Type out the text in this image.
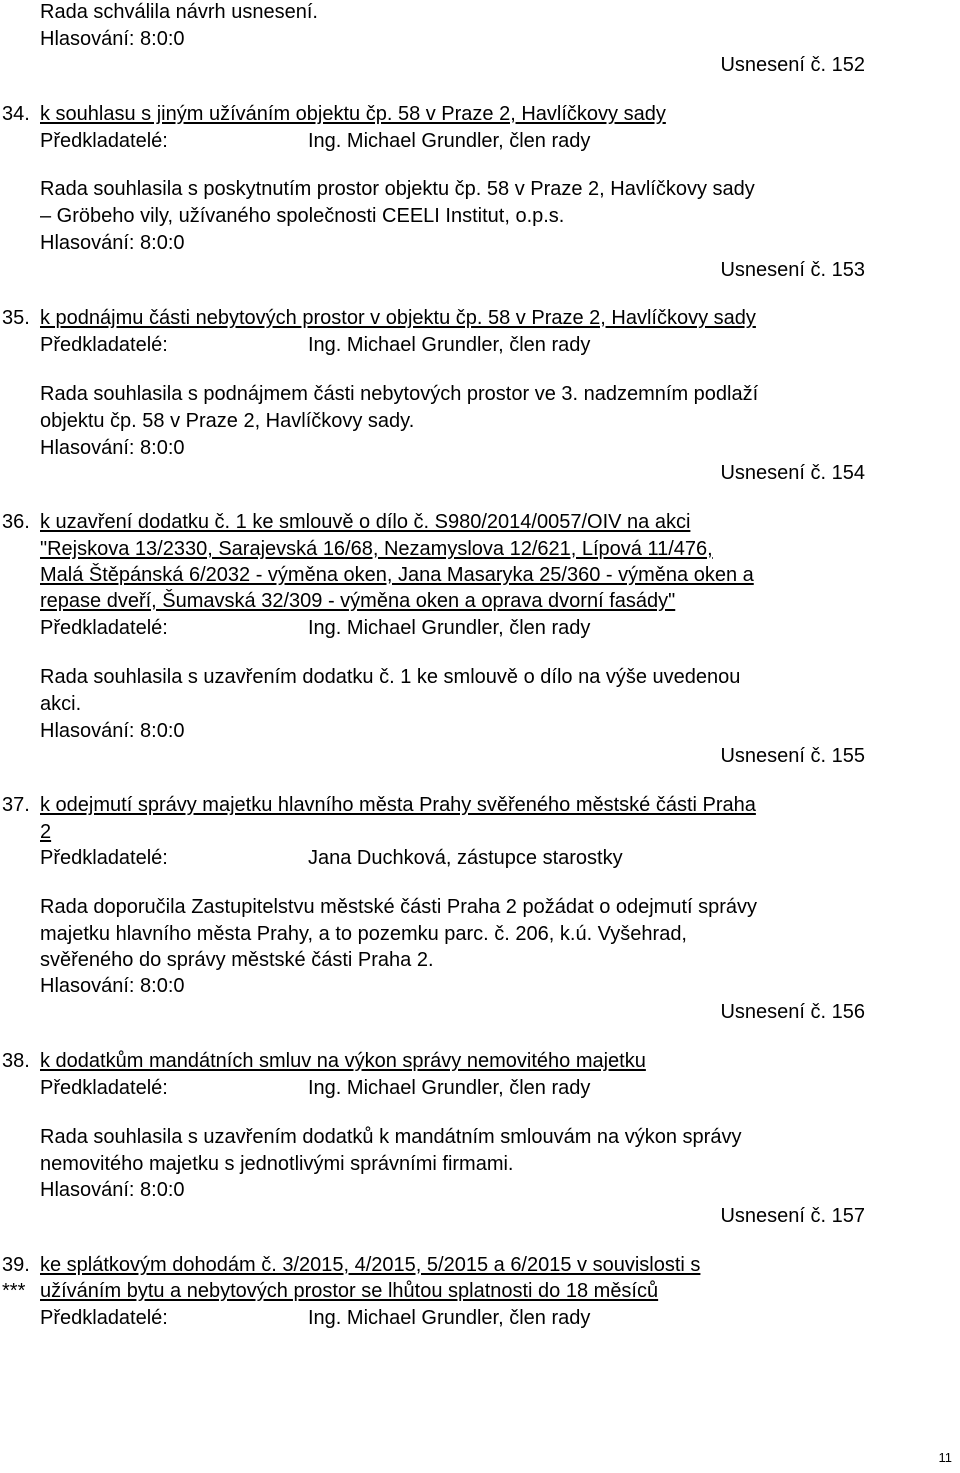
Rada schválila návrh usnesení.
Hlasování: 8:0:0
Usnesení č. 152
34. k souhlasu s jiným užíváním objektu čp. 58 v Praze 2, Havlíčkovy sady
Předkladatelé:	Ing. Michael Grundler, člen rady
Rada souhlasila s poskytnutím prostor objektu čp. 58 v Praze 2, Havlíčkovy sady
– Gröbeho vily, užívaného společnosti CEELI Institut, o.p.s.
Hlasování: 8:0:0
Usnesení č. 153
35. k podnájmu části nebytových prostor v objektu čp. 58 v Praze 2, Havlíčkovy sady
Předkladatelé:	Ing. Michael Grundler, člen rady
Rada souhlasila s podnájmem části nebytových prostor ve 3. nadzemním podlaží
objektu čp. 58 v Praze 2, Havlíčkovy sady.
Hlasování: 8:0:0
Usnesení č. 154
36. k uzavření dodatku č. 1 ke smlouvě o dílo č. S980/2014/0057/OIV na akci
"Rejskova 13/2330, Sarajevská 16/68, Nezamyslova 12/621, Lípová 11/476,
Malá Štěpánská 6/2032 - výměna oken, Jana Masaryka 25/360 - výměna oken a
repase dveří, Šumavská 32/309 - výměna oken a oprava dvorní fasády"
Předkladatelé:	Ing. Michael Grundler, člen rady
Rada souhlasila s uzavřením dodatku č. 1 ke smlouvě o dílo na výše uvedenou
akci.
Hlasování: 8:0:0
Usnesení č. 155
37. k odejmutí správy majetku hlavního města Prahy svěřeného městské části Praha
2
Předkladatelé:	Jana Duchková, zástupce starostky
Rada doporučila Zastupitelstvu městské části Praha 2 požádat o odejmutí správy
majetku hlavního města Prahy, a to pozemku parc. č. 206, k.ú. Vyšehrad,
svěřeného do správy městské části Praha 2.
Hlasování: 8:0:0
Usnesení č. 156
38. k dodatkům mandátních smluv na výkon správy nemovitého majetku
Předkladatelé:	Ing. Michael Grundler, člen rady
Rada souhlasila s uzavřením dodatků k mandátním smlouvám na výkon správy
nemovitého majetku s jednotlivými správními firmami.
Hlasování: 8:0:0
Usnesení č. 157
39.
***
ke splátkovým dohodám č. 3/2015, 4/2015, 5/2015 a 6/2015 v souvislosti s
užíváním bytu a nebytových prostor se lhůtou splatnosti do 18 měsíců
Předkladatelé:	Ing. Michael Grundler, člen rady
11
